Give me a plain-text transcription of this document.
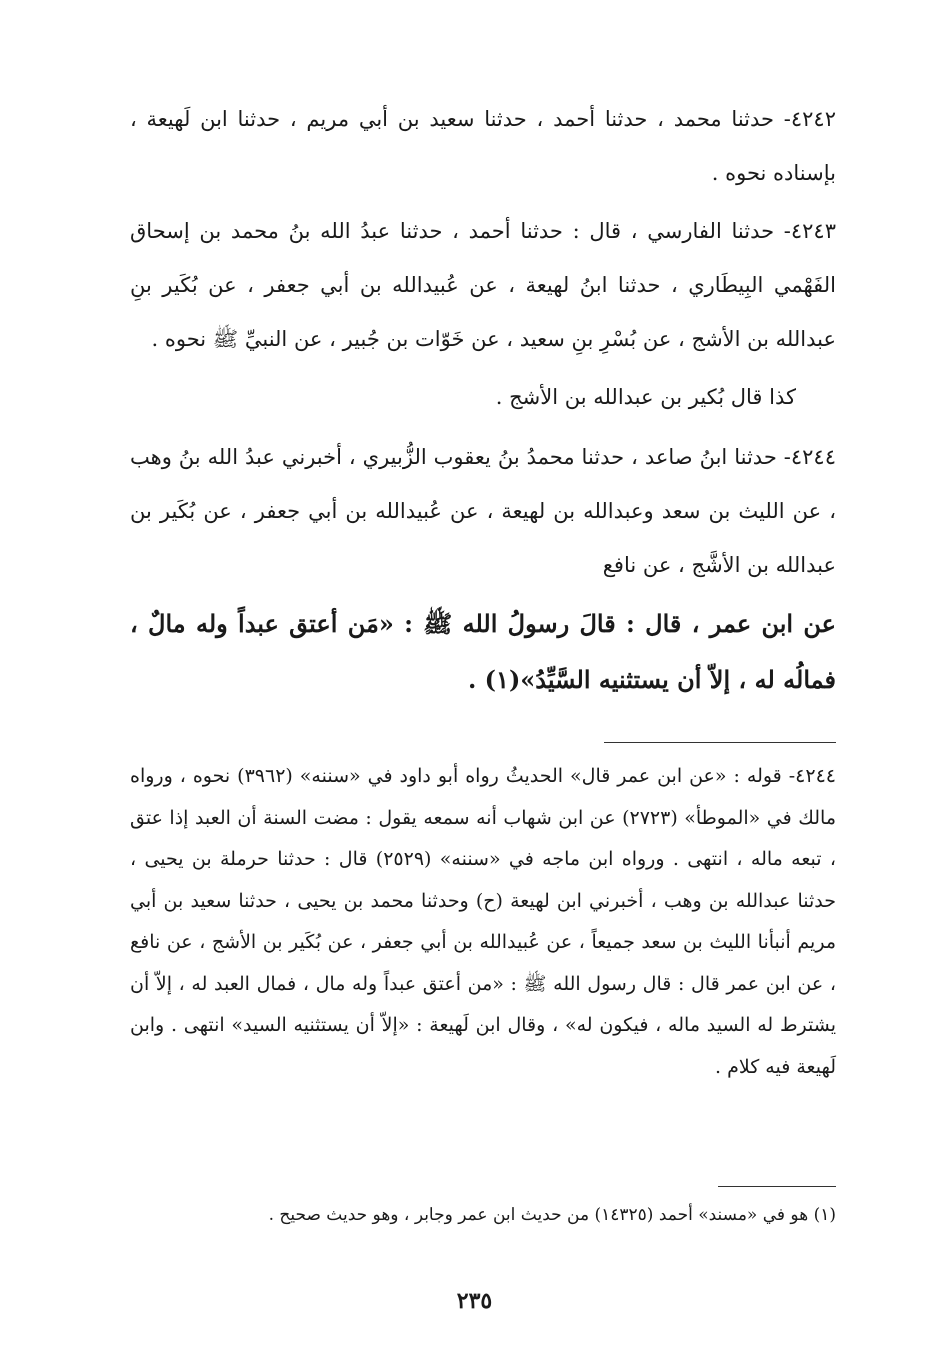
٤٢٤٢- حدثنا محمد ، حدثنا أحمد ، حدثنا سعيد بن أبي مريم ، حدثنا ابن لَهيعة ، بإسناده نحوه .

٤٢٤٣- حدثنا الفارسي ، قال : حدثنا أحمد ، حدثنا عبدُ الله بنُ محمد بن إسحاق الفَهْمي البِيطَاري ، حدثنا ابنُ لهيعة ، عن عُبيدالله بن أبي جعفر ، عن بُكَير بنِ عبدالله بن الأشج ، عن بُسْرِ بنِ سعيد ، عن خَوّات بن جُبير ، عن النبيِّ ﷺ نحوه .

كذا قال بُكير بن عبدالله بن الأشج .

٤٢٤٤- حدثنا ابنُ صاعد ، حدثنا محمدُ بنُ يعقوب الزُّبيري ، أخبرني عبدُ الله بنُ وهب ، عن الليث بن سعد وعبدالله بن لهيعة ، عن عُبيدالله بن أبي جعفر ، عن بُكَير بن عبدالله بن الأشَّج ، عن نافع

عن ابن عمر ، قال : قالَ رسولُ الله ﷺ : «مَن أعتق عبداً وله مالٌ ، فمالُه له ، إلاّ أن يستثنيه السَّيِّدُ»(١) .

٤٢٤٤- قوله : «عن ابن عمر قال» الحديثُ رواه أبو داود في «سننه» (٣٩٦٢) نحوه ، ورواه مالك في «الموطأ» (٢٧٢٣) عن ابن شهاب أنه سمعه يقول : مضت السنة أن العبد إذا عتق ، تبعه ماله ، انتهى . ورواه ابن ماجه في «سننه» (٢٥٢٩) قال : حدثنا حرملة بن يحيى ، حدثنا عبدالله بن وهب ، أخبرني ابن لهيعة (ح) وحدثنا محمد بن يحيى ، حدثنا سعيد بن أبي مريم أنبأنا الليث بن سعد جميعاً ، عن عُبيدالله بن أبي جعفر ، عن بُكَير بن الأشج ، عن نافع ، عن ابن عمر قال : قال رسول الله ﷺ : «من أعتق عبداً وله مال ، فمال العبد له ، إلاّ أن يشترط له السيد ماله ، فيكون له» ، وقال ابن لَهيعة : «إلاّ أن يستثنيه السيد» انتهى . وابن لَهيعة فيه كلام .

(١) هو في «مسند» أحمد (١٤٣٢٥) من حديث ابن عمر وجابر ، وهو حديث صحيح .

٢٣٥
